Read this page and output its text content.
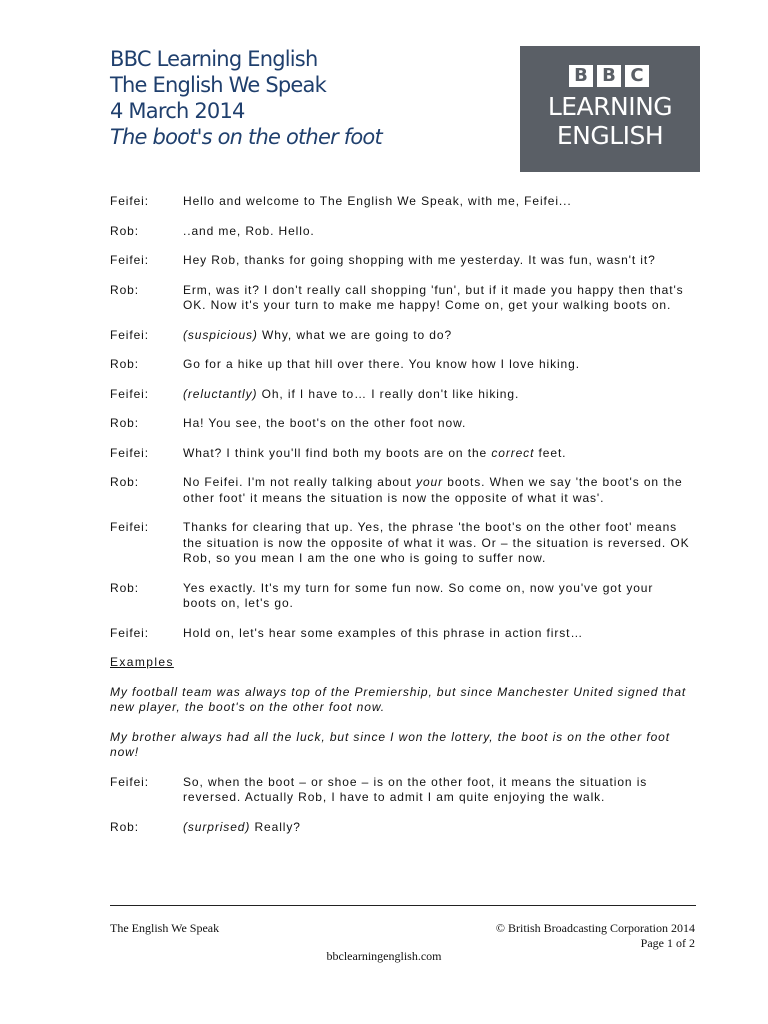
BBC Learning English
The English We Speak
4 March 2014
The boot's on the other foot
B B C
LEARNING
ENGLISH
Feifei:	Hello and welcome to The English We Speak, with me, Feifei...
Rob:	..and me, Rob. Hello.
Feifei:	Hey Rob, thanks for going shopping with me yesterday. It was fun, wasn't it?
Rob:	Erm, was it? I don't really call shopping 'fun', but if it made you happy then that's OK. Now it's your turn to make me happy! Come on, get your walking boots on.
Feifei:	(suspicious) Why, what we are going to do?
Rob:	Go for a hike up that hill over there. You know how I love hiking.
Feifei:	(reluctantly) Oh, if I have to… I really don't like hiking.
Rob:	Ha! You see, the boot's on the other foot now.
Feifei:	What? I think you'll find both my boots are on the correct feet.
Rob:	No Feifei. I'm not really talking about your boots. When we say 'the boot's on the other foot' it means the situation is now the opposite of what it was'.
Feifei:	Thanks for clearing that up. Yes, the phrase 'the boot's on the other foot' means the situation is now the opposite of what it was. Or – the situation is reversed. OK Rob, so you mean I am the one who is going to suffer now.
Rob:	Yes exactly. It's my turn for some fun now. So come on, now you've got your boots on, let's go.
Feifei:	Hold on, let's hear some examples of this phrase in action first…
Examples
My football team was always top of the Premiership, but since Manchester United signed that new player, the boot's on the other foot now.
My brother always had all the luck, but since I won the lottery, the boot is on the other foot now!
Feifei:	So, when the boot – or shoe – is on the other foot, it means the situation is reversed. Actually Rob, I have to admit I am quite enjoying the walk.
Rob:	(surprised) Really?
The English We Speak	© British Broadcasting Corporation 2014
Page 1 of 2
bbclearningenglish.com
